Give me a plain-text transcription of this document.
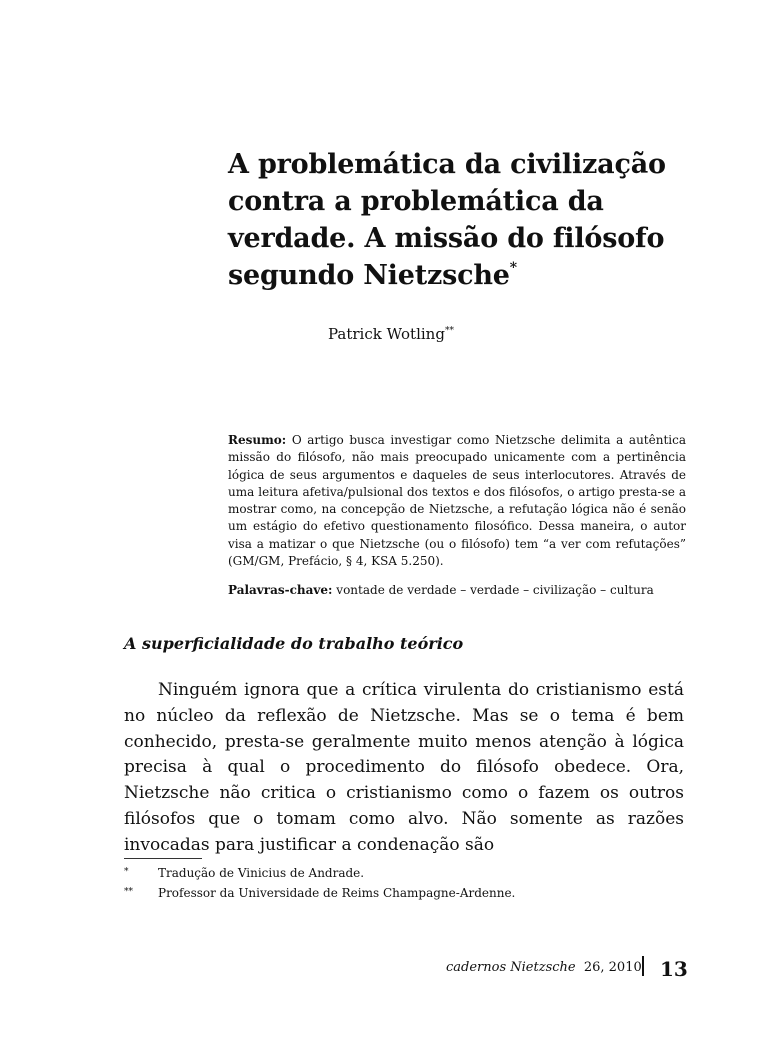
A problemática da civilização contra a problemática da verdade. A missão do filósofo segundo Nietzsche*

Patrick Wotling**

Resumo: O artigo busca investigar como Nietzsche delimita a autêntica missão do filósofo, não mais preocupado unicamente com a pertinência lógica de seus argumentos e daqueles de seus interlocutores. Através de uma leitura afetiva/pulsional dos textos e dos filósofos, o artigo presta-se a mostrar como, na concepção de Nietzsche, a refutação lógica não é senão um estágio do efetivo questionamento filosófico. Dessa maneira, o autor visa a matizar o que Nietzsche (ou o filósofo) tem “a ver com refutações” (GM/GM, Prefácio, § 4, KSA 5.250).

Palavras-chave: vontade de verdade – verdade – civilização – cultura

A superficialidade do trabalho teórico

Ninguém ignora que a crítica virulenta do cristianismo está no núcleo da reflexão de Nietzsche. Mas se o tema é bem conhecido, presta-se geralmente muito menos atenção à lógica precisa à qual o procedimento do filósofo obedece. Ora, Nietzsche não critica o cristianismo como o fazem os outros filósofos que o tomam como alvo. Não somente as razões invocadas para justificar a condenação são

* Tradução de Vinicius de Andrade.

** Professor da Universidade de Reims Champagne-Ardenne.

cadernos Nietzsche 26, 2010 13
